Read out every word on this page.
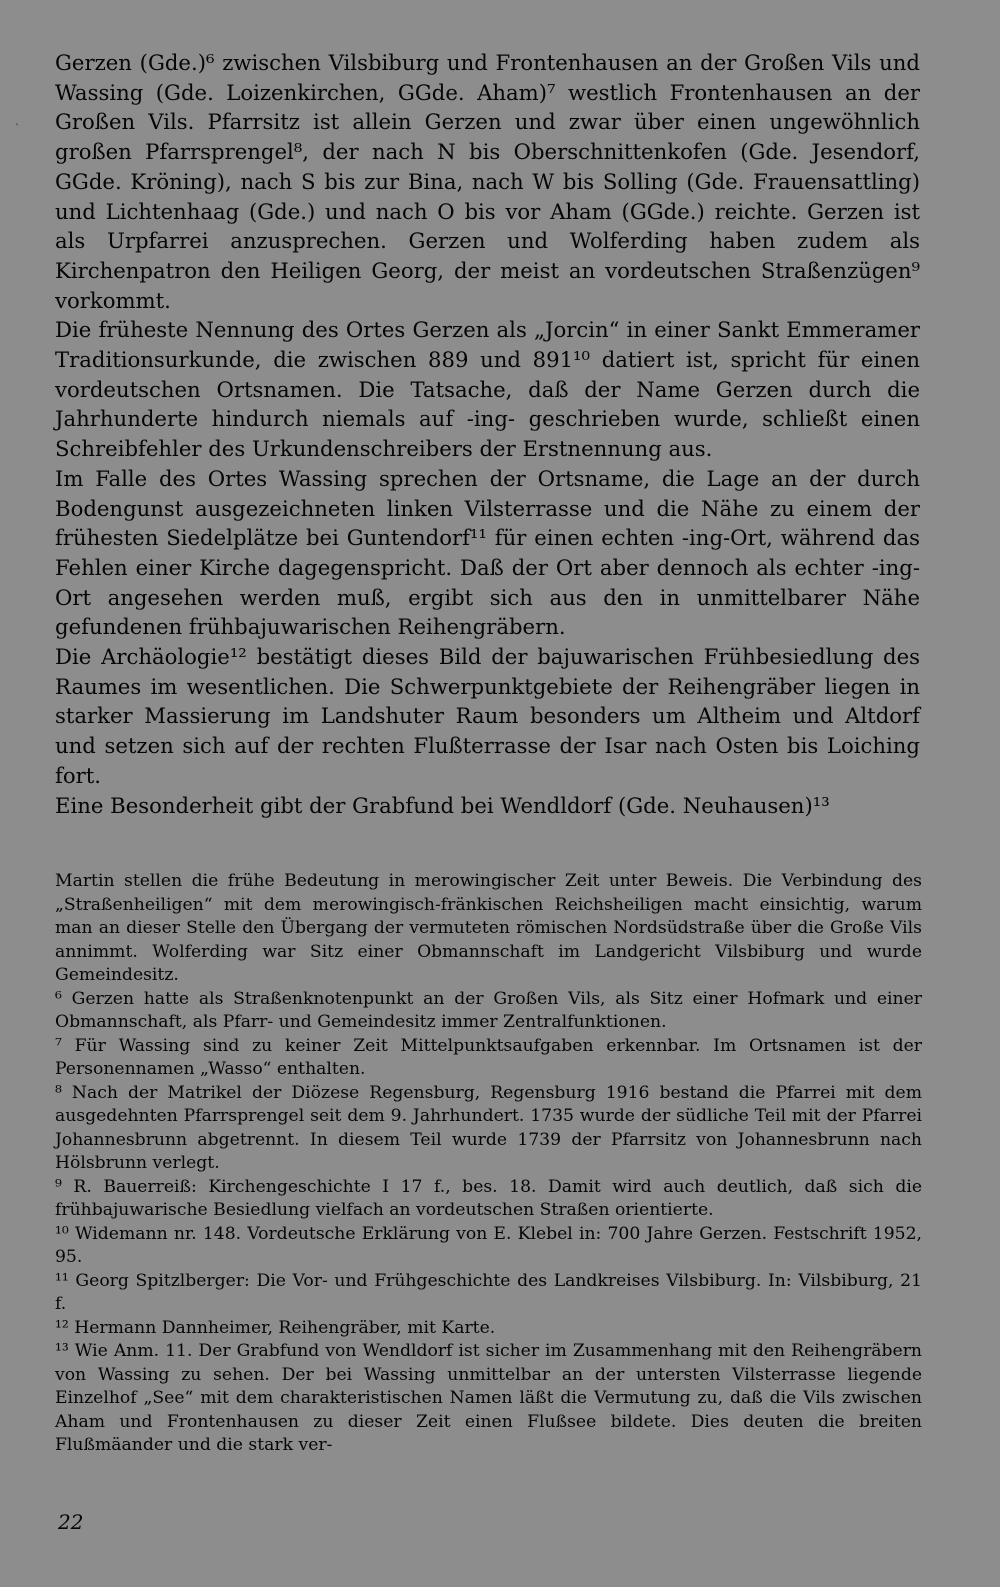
ˋ

Gerzen (Gde.)⁶ zwischen Vilsbiburg und Frontenhausen an der Großen Vils und Wassing (Gde. Loizenkirchen, GGde. Aham)⁷ westlich Frontenhausen an der Großen Vils. Pfarrsitz ist allein Gerzen und zwar über einen ungewöhnlich großen Pfarrsprengel⁸, der nach N bis Oberschnittenkofen (Gde. Jesendorf, GGde. Kröning), nach S bis zur Bina, nach W bis Solling (Gde. Frauensattling) und Lichtenhaag (Gde.) und nach O bis vor Aham (GGde.) reichte. Gerzen ist als Urpfarrei anzusprechen. Gerzen und Wolferding haben zudem als Kirchenpatron den Heiligen Georg, der meist an vordeutschen Straßenzügen⁹ vorkommt.

Die früheste Nennung des Ortes Gerzen als „Jorcin“ in einer Sankt Emmeramer Traditionsurkunde, die zwischen 889 und 891¹⁰ datiert ist, spricht für einen vordeutschen Ortsnamen. Die Tatsache, daß der Name Gerzen durch die Jahrhunderte hindurch niemals auf -ing- geschrieben wurde, schließt einen Schreibfehler des Urkundenschreibers der Erstnennung aus.

Im Falle des Ortes Wassing sprechen der Ortsname, die Lage an der durch Bodengunst ausgezeichneten linken Vilsterrasse und die Nähe zu einem der frühesten Siedelplätze bei Guntendorf¹¹ für einen echten -ing-Ort, während das Fehlen einer Kirche dagegenspricht. Daß der Ort aber dennoch als echter -ing-Ort angesehen werden muß, ergibt sich aus den in unmittelbarer Nähe gefundenen frühbajuwarischen Reihengräbern.

Die Archäologie¹² bestätigt dieses Bild der bajuwarischen Frühbesiedlung des Raumes im wesentlichen. Die Schwerpunktgebiete der Reihengräber liegen in starker Massierung im Landshuter Raum besonders um Altheim und Altdorf und setzen sich auf der rechten Flußterrasse der Isar nach Osten bis Loiching fort.

Eine Besonderheit gibt der Grabfund bei Wendldorf (Gde. Neuhausen)¹³

Martin stellen die frühe Bedeutung in merowingischer Zeit unter Beweis. Die Verbindung des „Straßenheiligen“ mit dem merowingisch-fränkischen Reichsheiligen macht einsichtig, warum man an dieser Stelle den Übergang der vermuteten römischen Nordsüdstraße über die Große Vils annimmt. Wolferding war Sitz einer Obmannschaft im Landgericht Vilsbiburg und wurde Gemeindesitz.

⁶ Gerzen hatte als Straßenknotenpunkt an der Großen Vils, als Sitz einer Hofmark und einer Obmannschaft, als Pfarr- und Gemeindesitz immer Zentralfunktionen.

⁷ Für Wassing sind zu keiner Zeit Mittelpunktsaufgaben erkennbar. Im Ortsnamen ist der Personennamen „Wasso“ enthalten.

⁸ Nach der Matrikel der Diözese Regensburg, Regensburg 1916 bestand die Pfarrei mit dem ausgedehnten Pfarrsprengel seit dem 9. Jahrhundert. 1735 wurde der südliche Teil mit der Pfarrei Johannesbrunn abgetrennt. In diesem Teil wurde 1739 der Pfarrsitz von Johannesbrunn nach Hölsbrunn verlegt.

⁹ R. Bauerreiß: Kirchengeschichte I 17 f., bes. 18. Damit wird auch deutlich, daß sich die frühbajuwarische Besiedlung vielfach an vordeutschen Straßen orientierte.

¹⁰ Widemann nr. 148. Vordeutsche Erklärung von E. Klebel in: 700 Jahre Gerzen. Festschrift 1952, 95.

¹¹ Georg Spitzlberger: Die Vor- und Frühgeschichte des Landkreises Vilsbiburg. In: Vilsbiburg, 21 f.

¹² Hermann Dannheimer, Reihengräber, mit Karte.

¹³ Wie Anm. 11. Der Grabfund von Wendldorf ist sicher im Zusammenhang mit den Reihengräbern von Wassing zu sehen. Der bei Wassing unmittelbar an der untersten Vilsterrasse liegende Einzelhof „See“ mit dem charakteristischen Namen läßt die Vermutung zu, daß die Vils zwischen Aham und Frontenhausen zu dieser Zeit einen Flußsee bildete. Dies deuten die breiten Flußmäander und die stark ver-

22
